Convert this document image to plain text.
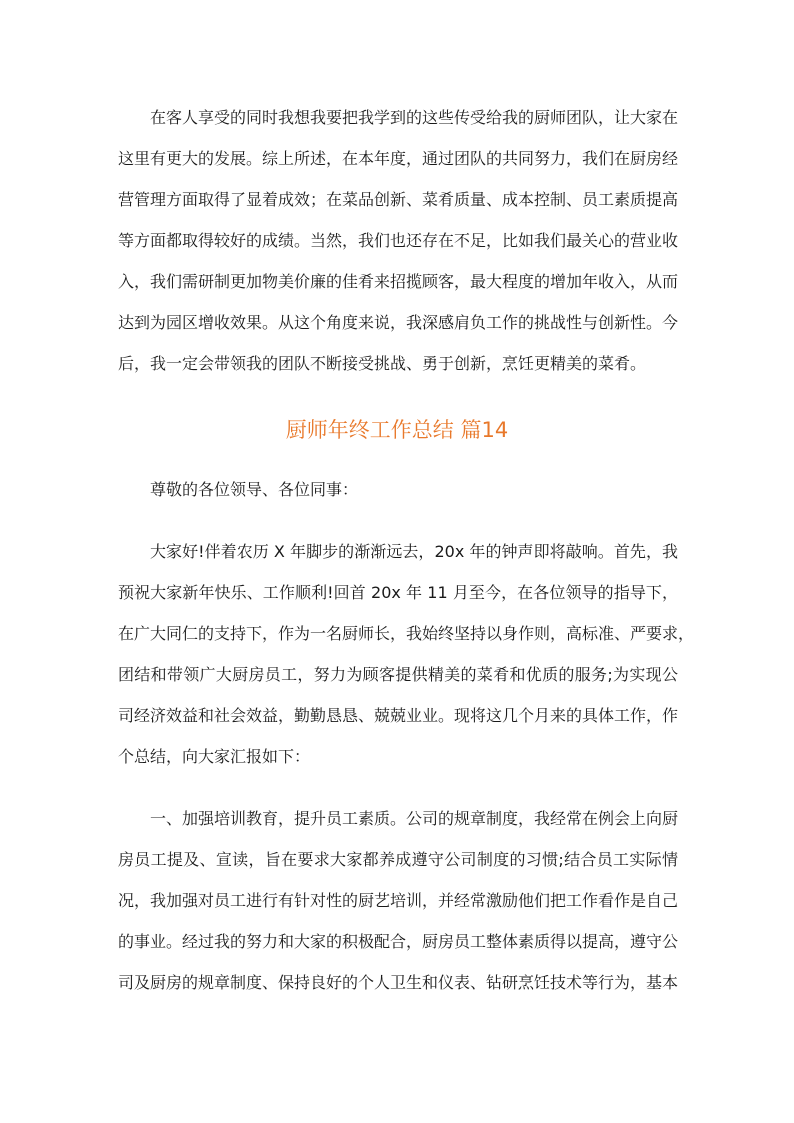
在客人享受的同时我想我要把我学到的这些传受给我的厨师团队，让大家在
这里有更大的发展。综上所述，在本年度，通过团队的共同努力，我们在厨房经
营管理方面取得了显着成效；在菜品创新、菜肴质量、成本控制、员工素质提高
等方面都取得较好的成绩。当然，我们也还存在不足，比如我们最关心的营业收
入，我们需研制更加物美价廉的佳肴来招揽顾客，最大程度的增加年收入，从而
达到为园区增收效果。从这个角度来说，我深感肩负工作的挑战性与创新性。今
后，我一定会带领我的团队不断接受挑战、勇于创新，烹饪更精美的菜肴。
厨师年终工作总结 篇14
尊敬的各位领导、各位同事：
大家好!伴着农历 X 年脚步的渐渐远去，20x 年的钟声即将敲响。首先，我
预祝大家新年快乐、工作顺利!回首 20x 年 11 月至今，在各位领导的指导下，
在广大同仁的支持下，作为一名厨师长，我始终坚持以身作则，高标准、严要求，
团结和带领广大厨房员工，努力为顾客提供精美的菜肴和优质的服务;为实现公
司经济效益和社会效益，勤勤恳恳、兢兢业业。现将这几个月来的具体工作，作
个总结，向大家汇报如下：
一、加强培训教育，提升员工素质。公司的规章制度，我经常在例会上向厨
房员工提及、宣读，旨在要求大家都养成遵守公司制度的习惯;结合员工实际情
况，我加强对员工进行有针对性的厨艺培训，并经常激励他们把工作看作是自己
的事业。经过我的努力和大家的积极配合，厨房员工整体素质得以提高，遵守公
司及厨房的规章制度、保持良好的个人卫生和仪表、钻研烹饪技术等行为，基本
